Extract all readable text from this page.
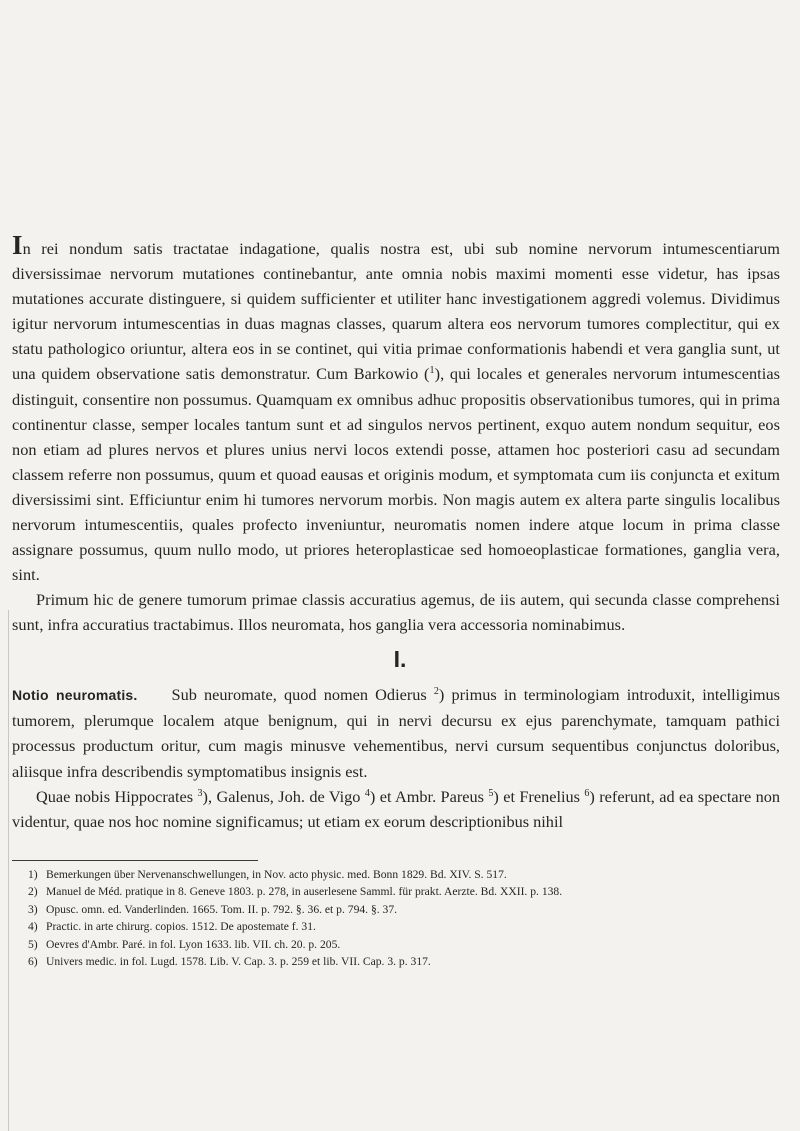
In rei nondum satis tractatae indagatione, qualis nostra est, ubi sub nomine nervorum intumescentiarum diversissimae nervorum mutationes continebantur, ante omnia nobis maximi momenti esse videtur, has ipsas mutationes accurate distinguere, si quidem sufficienter et utiliter hanc investigationem aggredi volemus. Dividimus igitur nervorum intumescentias in duas magnas classes, quarum altera eos nervorum tumores complectitur, qui ex statu pathologico oriuntur, altera eos in se continet, qui vitia primae conformationis habendi et vera ganglia sunt, ut una quidem observatione satis demonstratur. Cum Barkowio ($^1$), qui locales et generales nervorum intumescentias distinguit, consentire non possumus. Quamquam ex omnibus adhuc propositis observationibus tumores, qui in prima continentur classe, semper locales tantum sunt et ad singulos nervos pertinent, exquo autem nondum sequitur, eos non etiam ad plures nervos et plures unius nervi locos extendi posse, attamen hoc posteriori casu ad secundam classem referre non possumus, quum et quoad eausas et originis modum, et symptomata cum iis conjuncta et exitum diversissimi sint. Efficiuntur enim hi tumores nervorum morbis. Non magis autem ex altera parte singulis localibus nervorum intumescentiis, quales profecto inveniuntur, neuromatis nomen indere atque locum in prima classe assignare possumus, quum nullo modo, ut priores heteroplasticae sed homoeoplasticae formationes, ganglia vera, sint.

Primum hic de genere tumorum primae classis accuratius agemus, de iis autem, qui secunda classe comprehensi sunt, infra accuratius tractabimus. Illos neuromata, hos ganglia vera accessoria nominabimus.

I.

Notio neuromatis. Sub neuromate, quod nomen Odierus $^2$) primus in terminologiam introduxit, intelligimus tumorem, plerumque localem atque benignum, qui in nervi decursu ex ejus parenchymate, tamquam pathici processus productum oritur, cum magis minusve vehementibus, nervi cursum sequentibus conjunctus doloribus, aliisque infra describendis symptomatibus insignis est.

Quae nobis Hippocrates $^3$), Galenus, Joh. de Vigo $^4$) et Ambr. Pareus $^5$) et Frenelius $^6$) referunt, ad ea spectare non videntur, quae nos hoc nomine significamus; ut etiam ex eorum descriptionibus nihil

1) Bemerkungen über Nervenanschwellungen, in Nov. acto physic. med. Bonn 1829. Bd. XIV. S. 517.
2) Manuel de Méd. pratique in 8. Geneve 1803. p. 278, in auserlesene Samml. für prakt. Aerzte. Bd. XXII. p. 138.
3) Opusc. omn. ed. Vanderlinden. 1665. Tom. II. p. 792. §. 36. et p. 794. §. 37.
4) Practic. in arte chirurg. copios. 1512. De apostemate f. 31.
5) Oevres d'Ambr. Paré. in fol. Lyon 1633. lib. VII. ch. 20. p. 205.
6) Univers medic. in fol. Lugd. 1578. Lib. V. Cap. 3. p. 259 et lib. VII. Cap. 3. p. 317.
